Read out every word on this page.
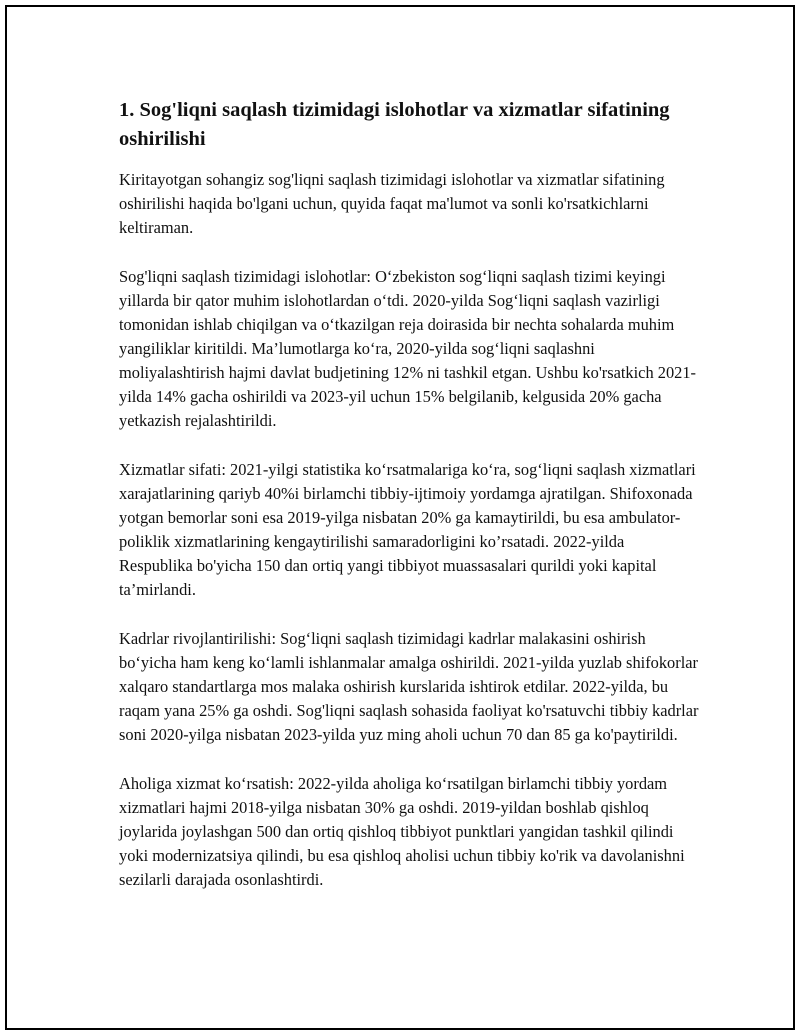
1. Sog'liqni saqlash tizimidagi islohotlar va xizmatlar sifatining oshirilishi

Kiritayotgan sohangiz sog'liqni saqlash tizimidagi islohotlar va xizmatlar sifatining oshirilishi haqida bo'lgani uchun, quyida faqat ma'lumot va sonli ko'rsatkichlarni keltiraman.

Sog'liqni saqlash tizimidagi islohotlar: O‘zbekiston sog‘liqni saqlash tizimi keyingi yillarda bir qator muhim islohotlardan o‘tdi. 2020-yilda Sog‘liqni saqlash vazirligi tomonidan ishlab chiqilgan va o‘tkazilgan reja doirasida bir nechta sohalarda muhim yangiliklar kiritildi. Ma’lumotlarga ko‘ra, 2020-yilda sog‘liqni saqlashni moliyalashtirish hajmi davlat budjetining 12% ni tashkil etgan. Ushbu ko'rsatkich 2021-yilda 14% gacha oshirildi va 2023-yil uchun 15% belgilanib, kelgusida 20% gacha yetkazish rejalashtirildi.

Xizmatlar sifati: 2021-yilgi statistika ko‘rsatmalariga ko‘ra, sog‘liqni saqlash xizmatlari xarajatlarining qariyb 40%i birlamchi tibbiy-ijtimoiy yordamga ajratilgan. Shifoxonada yotgan bemorlar soni esa 2019-yilga nisbatan 20% ga kamaytirildi, bu esa ambulator-poliklik xizmatlarining kengaytirilishi samaradorligini ko’rsatadi. 2022-yilda Respublika bo'yicha 150 dan ortiq yangi tibbiyot muassasalari qurildi yoki kapital ta’mirlandi.

Kadrlar rivojlantirilishi: Sog‘liqni saqlash tizimidagi kadrlar malakasini oshirish bo‘yicha ham keng ko‘lamli ishlanmalar amalga oshirildi. 2021-yilda yuzlab shifokorlar xalqaro standartlarga mos malaka oshirish kurslarida ishtirok etdilar. 2022-yilda, bu raqam yana 25% ga oshdi. Sog'liqni saqlash sohasida faoliyat ko'rsatuvchi tibbiy kadrlar soni 2020-yilga nisbatan 2023-yilda yuz ming aholi uchun 70 dan 85 ga ko'paytirildi.

Aholiga xizmat ko‘rsatish: 2022-yilda aholiga ko‘rsatilgan birlamchi tibbiy yordam xizmatlari hajmi 2018-yilga nisbatan 30% ga oshdi. 2019-yildan boshlab qishloq joylarida joylashgan 500 dan ortiq qishloq tibbiyot punktlari yangidan tashkil qilindi yoki modernizatsiya qilindi, bu esa qishloq aholisi uchun tibbiy ko'rik va davolanishni sezilarli darajada osonlashtirdi.
